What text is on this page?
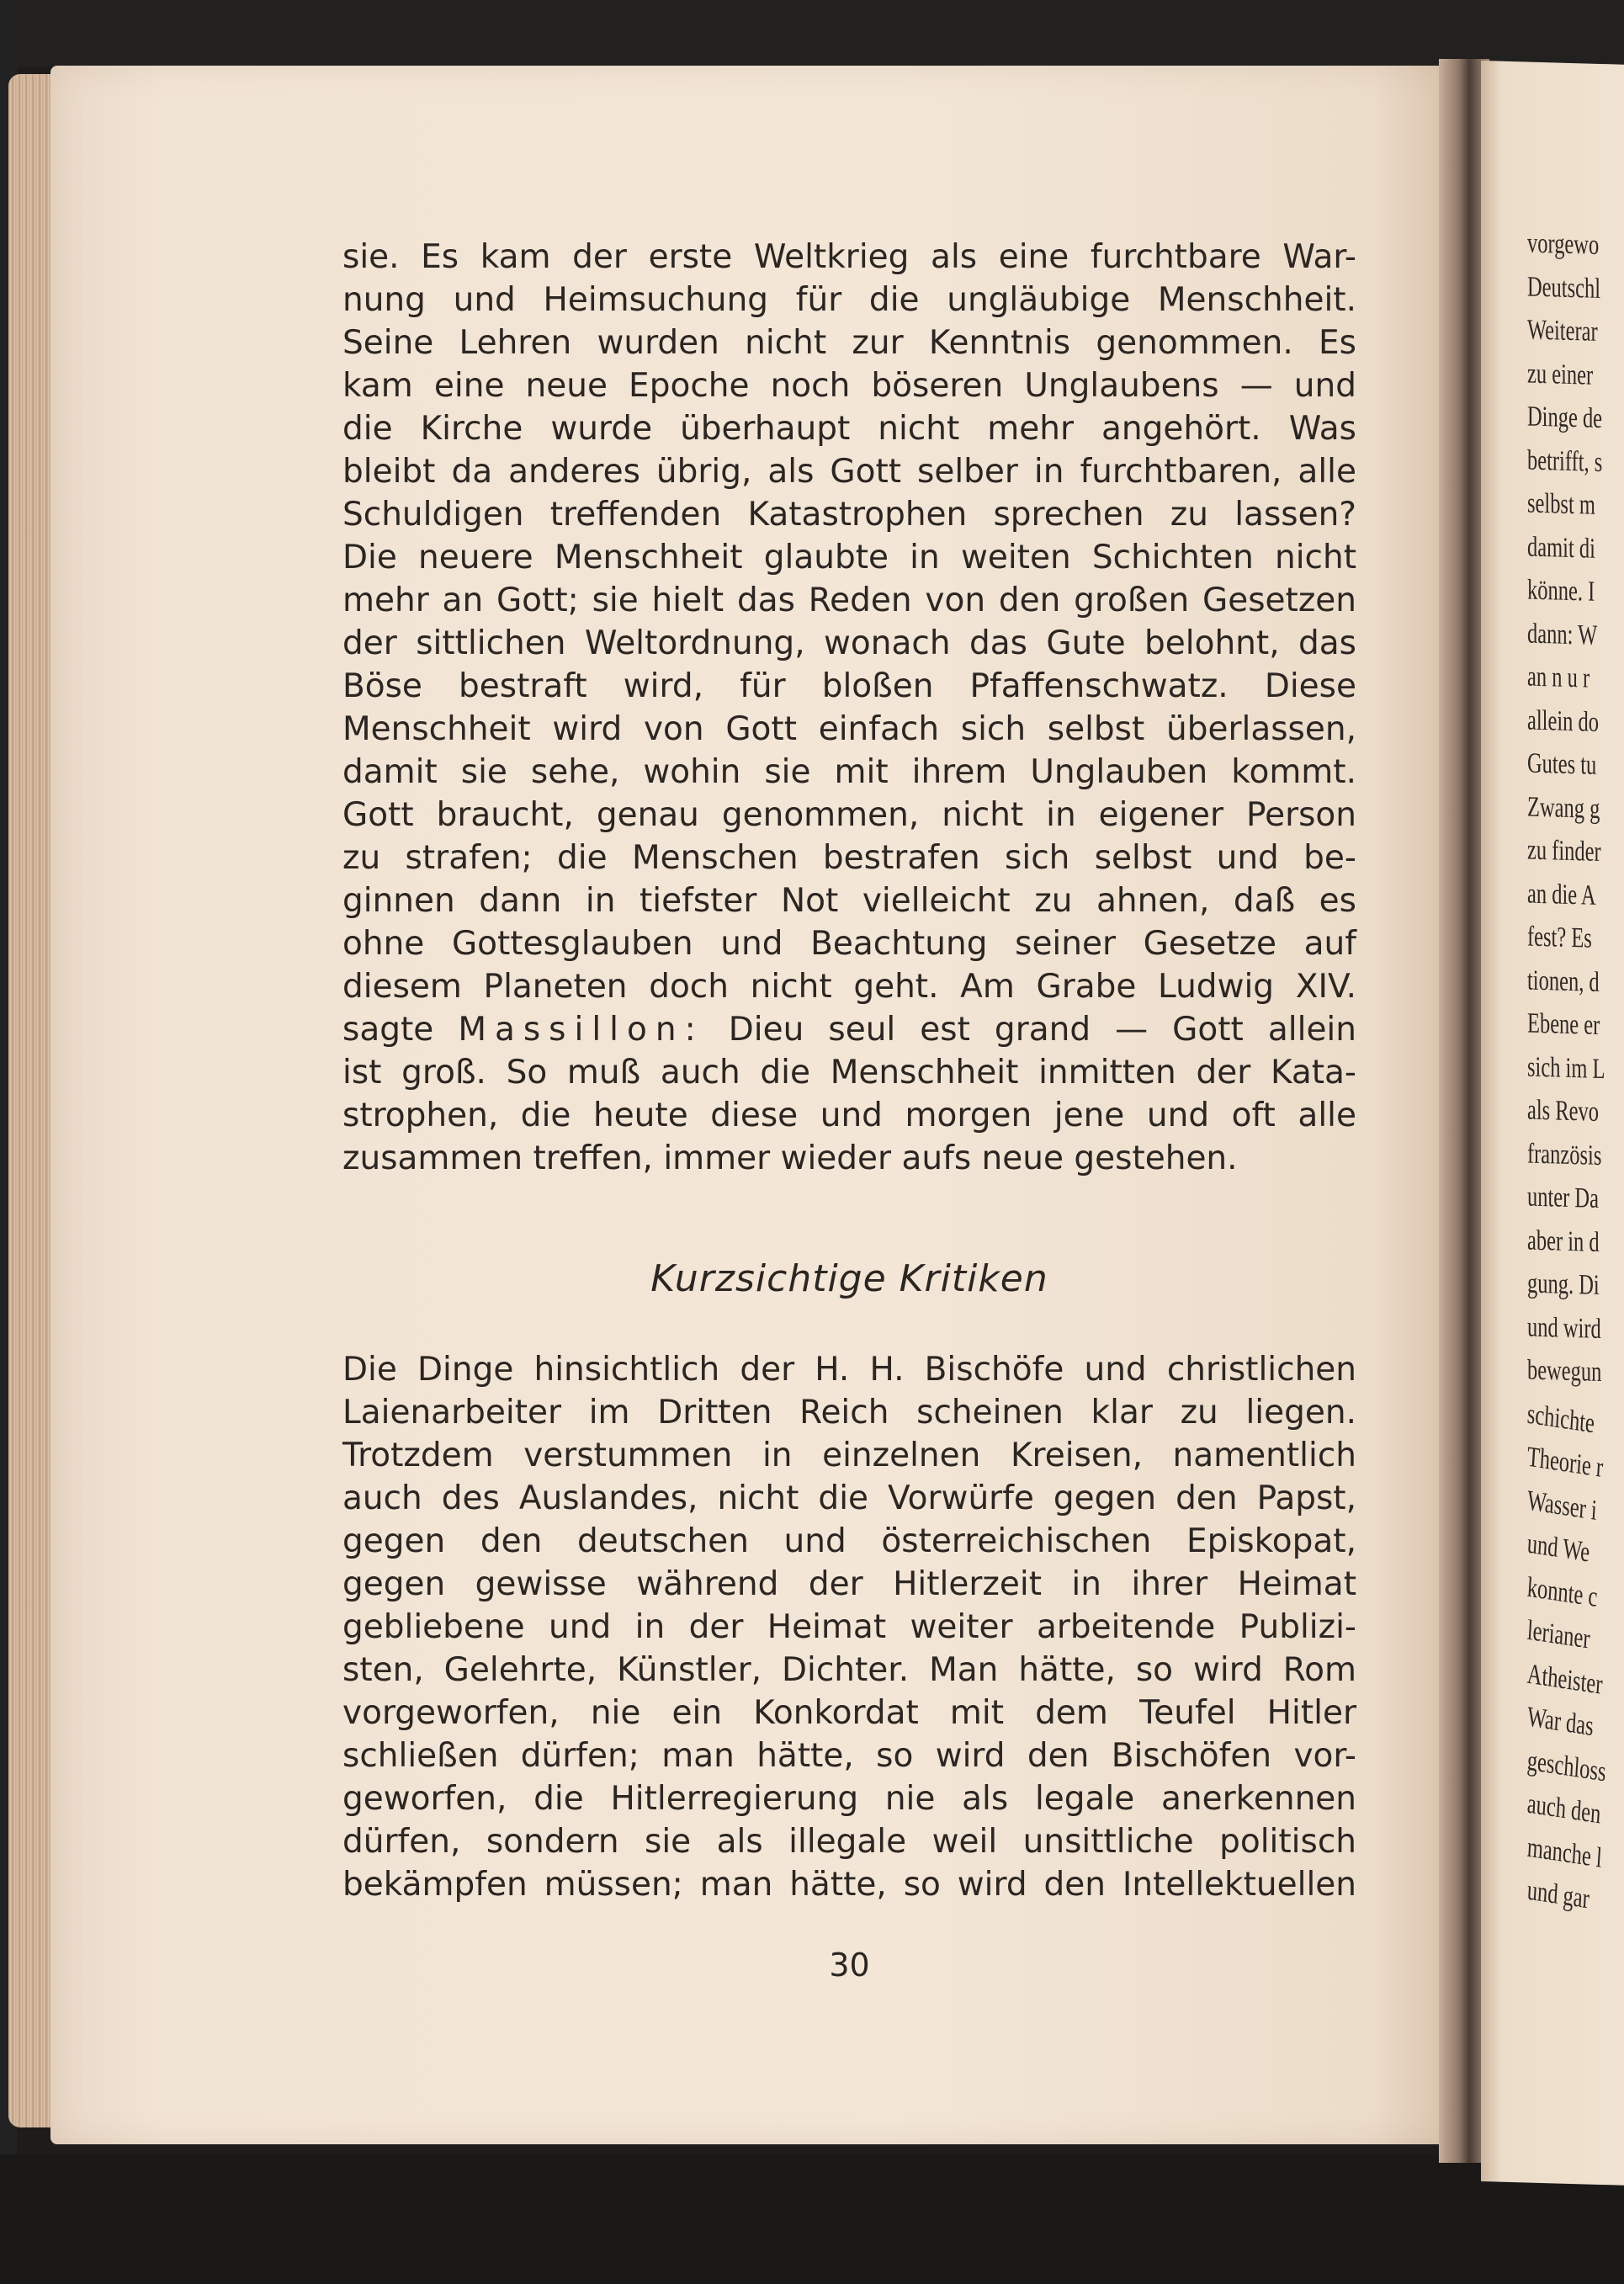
sie. Es kam der erste Weltkrieg als eine furchtbare War-
nung und Heimsuchung für die ungläubige Menschheit.
Seine Lehren wurden nicht zur Kenntnis genommen. Es
kam eine neue Epoche noch böseren Unglaubens — und
die Kirche wurde überhaupt nicht mehr angehört. Was
bleibt da anderes übrig, als Gott selber in furchtbaren, alle
Schuldigen treffenden Katastrophen sprechen zu lassen?
Die neuere Menschheit glaubte in weiten Schichten nicht
mehr an Gott; sie hielt das Reden von den großen Gesetzen
der sittlichen Weltordnung, wonach das Gute belohnt, das
Böse bestraft wird, für bloßen Pfaffenschwatz. Diese
Menschheit wird von Gott einfach sich selbst überlassen,
damit sie sehe, wohin sie mit ihrem Unglauben kommt.
Gott braucht, genau genommen, nicht in eigener Person
zu strafen; die Menschen bestrafen sich selbst und be-
ginnen dann in tiefster Not vielleicht zu ahnen, daß es
ohne Gottesglauben und Beachtung seiner Gesetze auf
diesem Planeten doch nicht geht. Am Grabe Ludwig XIV.
sagte Massillon: Dieu seul est grand — Gott allein
ist groß. So muß auch die Menschheit inmitten der Kata-
strophen, die heute diese und morgen jene und oft alle
zusammen treffen, immer wieder aufs neue gestehen.
Kurzsichtige Kritiken
Die Dinge hinsichtlich der H. H. Bischöfe und christlichen
Laienarbeiter im Dritten Reich scheinen klar zu liegen.
Trotzdem verstummen in einzelnen Kreisen, namentlich
auch des Auslandes, nicht die Vorwürfe gegen den Papst,
gegen den deutschen und österreichischen Episkopat,
gegen gewisse während der Hitlerzeit in ihrer Heimat
gebliebene und in der Heimat weiter arbeitende Publizi-
sten, Gelehrte, Künstler, Dichter. Man hätte, so wird Rom
vorgeworfen, nie ein Konkordat mit dem Teufel Hitler
schließen dürfen; man hätte, so wird den Bischöfen vor-
geworfen, die Hitlerregierung nie als legale anerkennen
dürfen, sondern sie als illegale weil unsittliche politisch
bekämpfen müssen; man hätte, so wird den Intellektuellen
30
vorgewo
Deutschl
Weiterar
zu einer
Dinge de
betrifft, s
selbst m
damit di
könne. I
dann: W
an n u r
allein do
Gutes tu
Zwang g
zu finder
an die A
fest? Es
tionen, d
Ebene er
sich im L
als Revo
französis
unter Da
aber in d
gung. Di
und wird
bewegun
schichte
Theorie r
Wasser i
und We
konnte c
lerianer
Atheister
War das
geschloss
auch den
manche l
und gar
